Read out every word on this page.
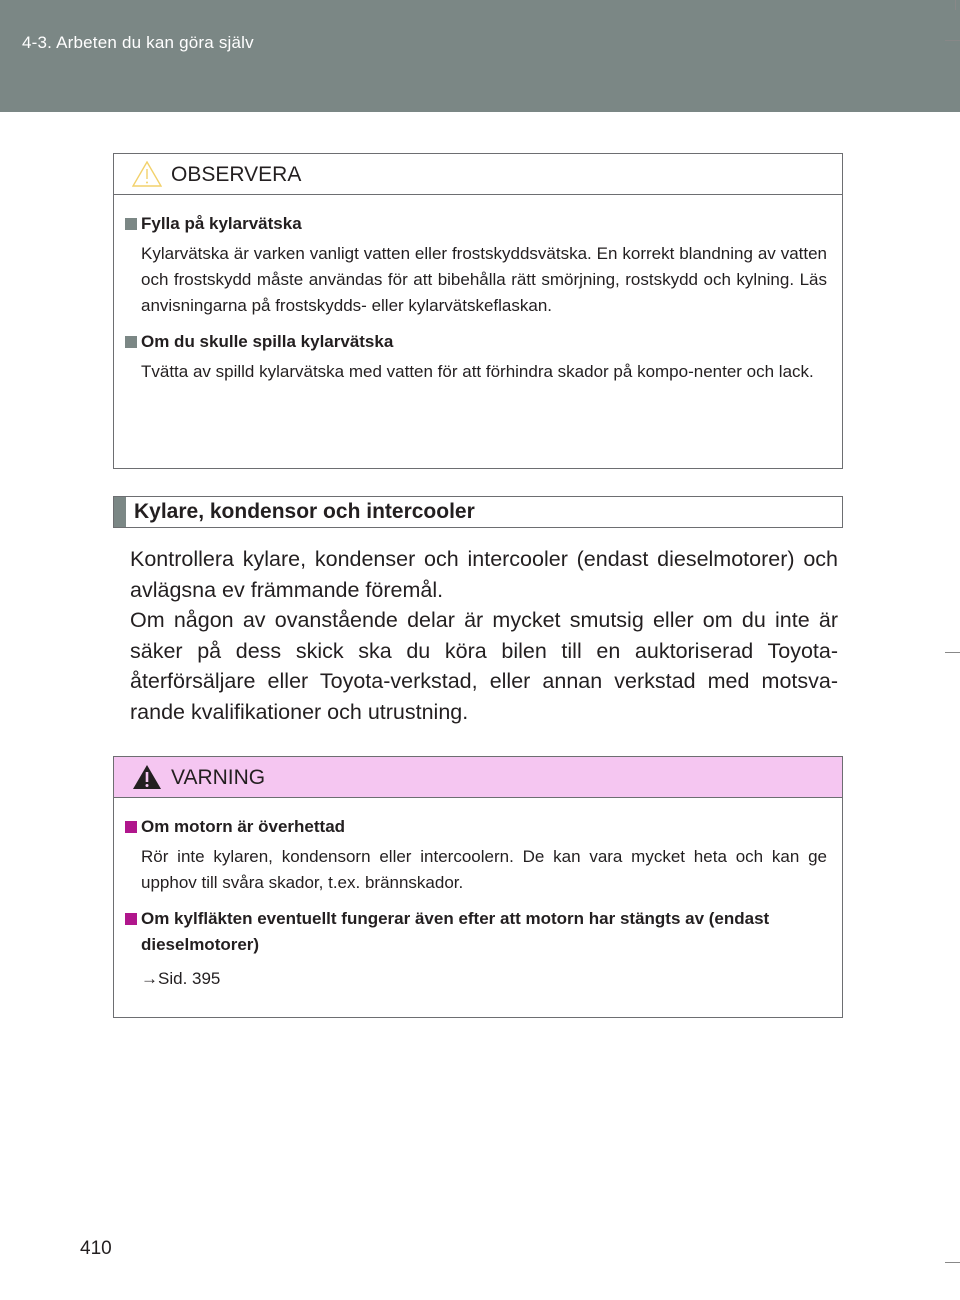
4-3. Arbeten du kan göra själv
OBSERVERA
Fylla på kylarvätska
Kylarvätska är varken vanligt vatten eller frostskyddsvätska. En korrekt blandning av vatten och frostskydd måste användas för att bibehålla rätt smörjning, rostskydd och kylning. Läs anvisningarna på frostskydds- eller kylarvätskeflaskan.
Om du skulle spilla kylarvätska
Tvätta av spilld kylarvätska med vatten för att förhindra skador på kompo-nenter och lack.
Kylare, kondensor och intercooler

Kontrollera kylare, kondenser och intercooler (endast dieselmotorer) och avlägsna ev främmande föremål.

Om någon av ovanstående delar är mycket smutsig eller om du inte är säker på dess skick ska du köra bilen till en auktoriserad Toyota-återförsäljare eller Toyota-verkstad, eller annan verkstad med motsva-rande kvalifikationer och utrustning.

VARNING
Om motorn är överhettad
Rör inte kylaren, kondensorn eller intercoolern. De kan vara mycket heta och kan ge upphov till svåra skador, t.ex. brännskador.
Om kylfläkten eventuellt fungerar även efter att motorn har stängts av (endast dieselmotorer)
→Sid. 395
410
